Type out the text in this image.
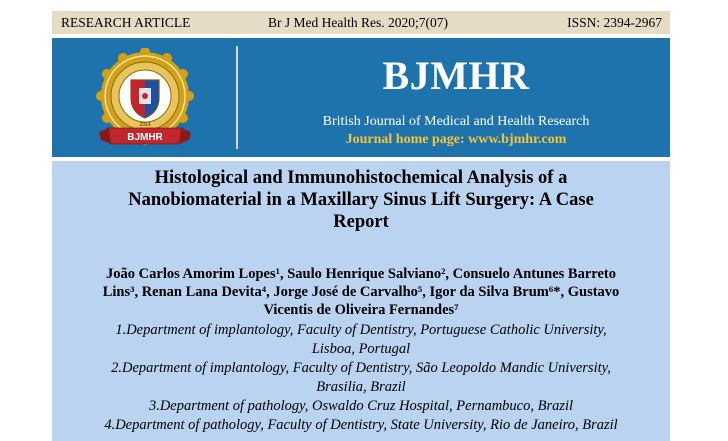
RESEARCH ARTICLE	Br J Med Health Res. 2020;7(07)	ISSN: 2394-2967
2014
BJMHR
BJMHR
British Journal of Medical and Health Research
Journal home page: www.bjmhr.com
Histological and Immunohistochemical Analysis of a
Nanobiomaterial in a Maxillary Sinus Lift Surgery: A Case
Report
João Carlos Amorim Lopes¹, Saulo Henrique Salviano², Consuelo Antunes Barreto
Lins³, Renan Lana Devita⁴, Jorge José de Carvalho⁵, Igor da Silva Brum⁶*, Gustavo
Vicentis de Oliveira Fernandes⁷
1.Department of implantology, Faculty of Dentistry, Portuguese Catholic University,
Lisboa, Portugal
2.Department of implantology, Faculty of Dentistry, São Leopoldo Mandic University,
Brasilia, Brazil
3.Department of pathology, Oswaldo Cruz Hospital, Pernambuco, Brazil
4.Department of pathology, Faculty of Dentistry, State University, Rio de Janeiro, Brazil
